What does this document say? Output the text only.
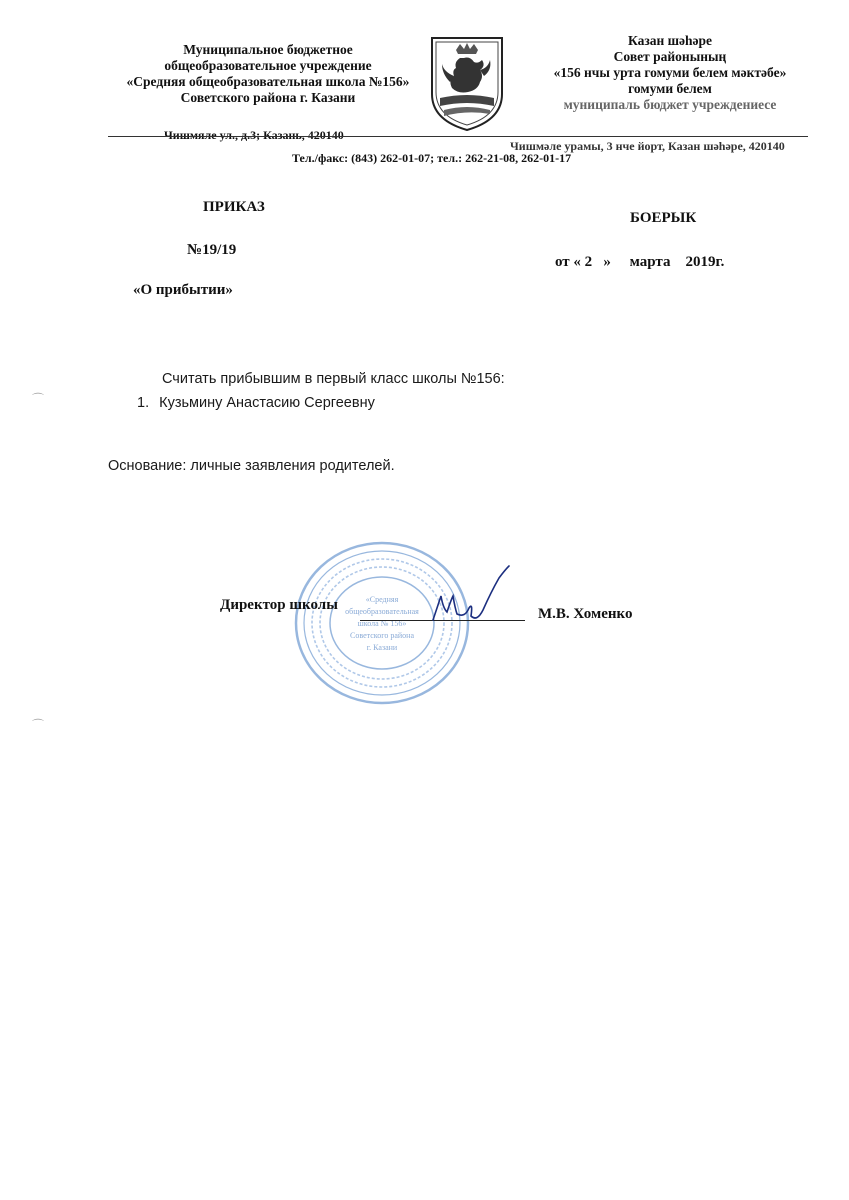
Муниципальное бюджетное
общеобразовательное учреждение
«Средняя общеобразовательная школа №156»
Советского района г. Казани
Казан шәһәре
Совет районының
«156 нчы урта гомуми белем мәктәбе»
гомуми белем
муниципаль бюджет учреждениесе
Чишмяле ул., д.3; Казань, 420140
Чишмәле урамы, 3 нче йорт, Казан шәһәре, 420140
Тел./факс: (843) 262-01-07; тел.: 262-21-08, 262-01-17
ПРИКАЗ
БОЕРЫК
№19/19
от « 2   »     марта    2019г.
«О прибытии»
Считать прибывшим в первый класс школы №156:
1. Кузьмину Анастасию Сергеевну
Основание: личные заявления родителей.
«Средняя
общеобразовательная
школа № 156»
Советского района
г. Казани
Директор школы
М.В. Хоменко
⌒
⌒
